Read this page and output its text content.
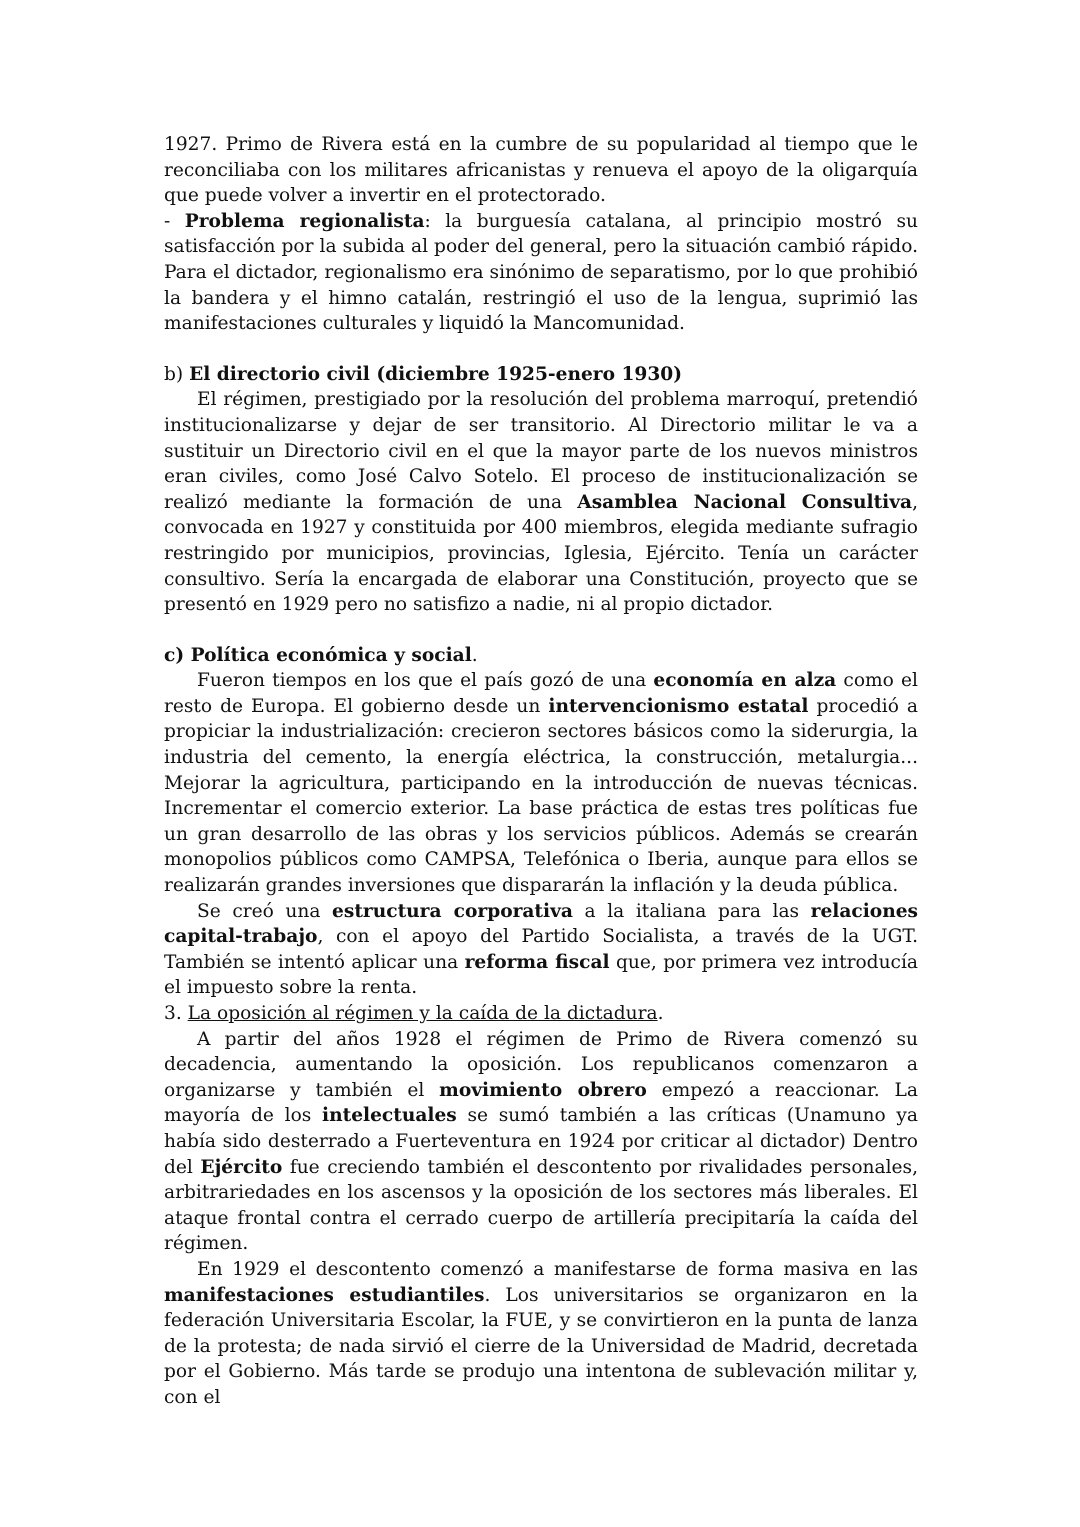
1927. Primo de Rivera está en la cumbre de su popularidad al tiempo que le reconciliaba con los militares africanistas y renueva el apoyo de la oligarquía que puede volver a invertir en el protectorado.

- Problema regionalista: la burguesía catalana, al principio mostró su satisfacción por la subida al poder del general, pero la situación cambió rápido. Para el dictador, regionalismo era sinónimo de separatismo, por lo que prohibió la bandera y el himno catalán, restringió el uso de la lengua, suprimió las manifestaciones culturales y liquidó la Mancomunidad.

b) El directorio civil (diciembre 1925-enero 1930)

El régimen, prestigiado por la resolución del problema marroquí, pretendió institucionalizarse y dejar de ser transitorio. Al Directorio militar le va a sustituir un Directorio civil en el que la mayor parte de los nuevos ministros eran civiles, como José Calvo Sotelo. El proceso de institucionalización se realizó mediante la formación de una Asamblea Nacional Consultiva, convocada en 1927 y constituida por 400 miembros, elegida mediante sufragio restringido por municipios, provincias, Iglesia, Ejército. Tenía un carácter consultivo. Sería la encargada de elaborar una Constitución, proyecto que se presentó en 1929 pero no satisfizo a nadie, ni al propio dictador.

c) Política económica y social.

Fueron tiempos en los que el país gozó de una economía en alza como el resto de Europa. El gobierno desde un intervencionismo estatal procedió a propiciar la industrialización: crecieron sectores básicos como la siderurgia, la industria del cemento, la energía eléctrica, la construcción, metalurgia... Mejorar la agricultura, participando en la introducción de nuevas técnicas. Incrementar el comercio exterior. La base práctica de estas tres políticas fue un gran desarrollo de las obras y los servicios públicos. Además se crearán monopolios públicos como CAMPSA, Telefónica o Iberia, aunque para ellos se realizarán grandes inversiones que dispararán la inflación y la deuda pública.

Se creó una estructura corporativa a la italiana para las relaciones capital-trabajo, con el apoyo del Partido Socialista, a través de la UGT. También se intentó aplicar una reforma fiscal que, por primera vez introducía el impuesto sobre la renta.

3. La oposición al régimen y la caída de la dictadura.

A partir del años 1928 el régimen de Primo de Rivera comenzó su decadencia, aumentando la oposición. Los republicanos comenzaron a organizarse y también el movimiento obrero empezó a reaccionar. La mayoría de los intelectuales se sumó también a las críticas (Unamuno ya había sido desterrado a Fuerteventura en 1924 por criticar al dictador) Dentro del Ejército fue creciendo también el descontento por rivalidades personales, arbitrariedades en los ascensos y la oposición de los sectores más liberales. El ataque frontal contra el cerrado cuerpo de artillería precipitaría la caída del régimen.

En 1929 el descontento comenzó a manifestarse de forma masiva en las manifestaciones estudiantiles. Los universitarios se organizaron en la federación Universitaria Escolar, la FUE, y se convirtieron en la punta de lanza de la protesta; de nada sirvió el cierre de la Universidad de Madrid, decretada por el Gobierno. Más tarde se produjo una intentona de sublevación militar y, con el
